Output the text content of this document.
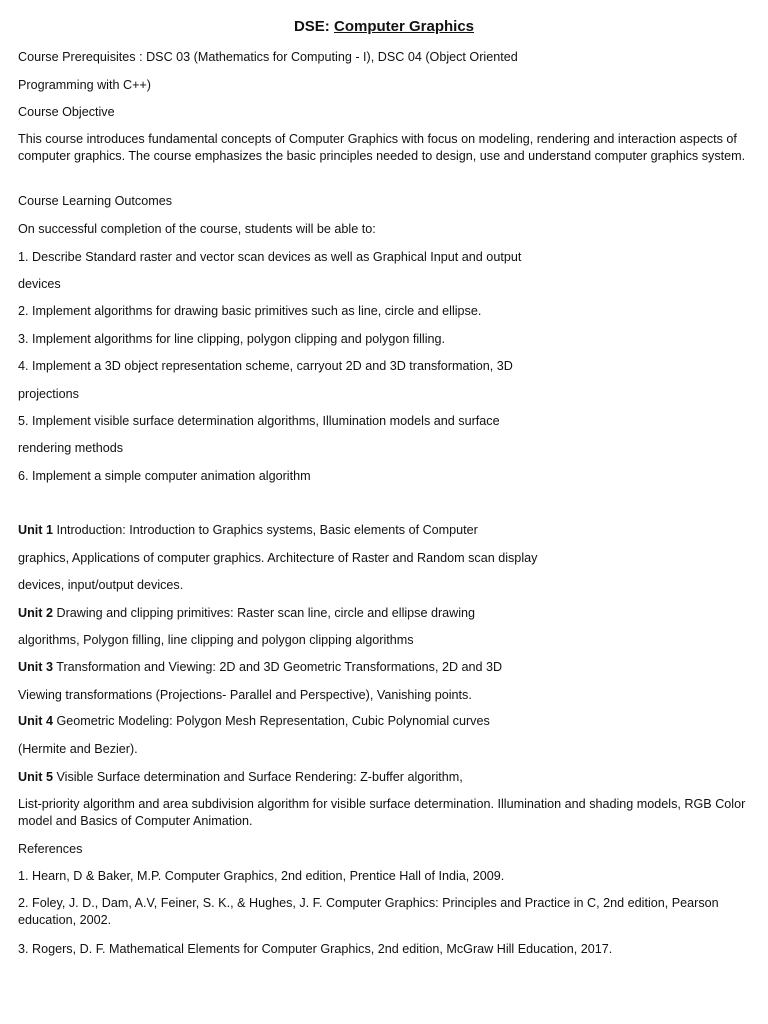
DSE: Computer Graphics
Course Prerequisites : DSC 03 (Mathematics for Computing - I), DSC 04 (Object Oriented
Programming with C++)
Course Objective
This course introduces fundamental concepts of Computer Graphics with focus on modeling, rendering and interaction aspects of computer graphics. The course emphasizes the basic principles needed to design, use and understand computer graphics system.
Course Learning Outcomes
On successful completion of the course, students will be able to:
1. Describe Standard raster and vector scan devices as well as Graphical Input and output
devices
2. Implement algorithms for drawing basic primitives such as line, circle and ellipse.
3. Implement algorithms for line clipping, polygon clipping and polygon filling.
4. Implement a 3D object representation scheme, carryout 2D and 3D transformation, 3D
projections
5. Implement visible surface determination algorithms, Illumination models and surface
rendering methods
6. Implement a simple computer animation algorithm
Unit 1 Introduction: Introduction to Graphics systems, Basic elements of Computer
graphics, Applications of computer graphics. Architecture of Raster and Random scan display
devices, input/output devices.
Unit 2 Drawing and clipping primitives: Raster scan line, circle and ellipse drawing
algorithms, Polygon filling, line clipping and polygon clipping algorithms
Unit 3 Transformation and Viewing: 2D and 3D Geometric Transformations, 2D and 3D
Viewing transformations (Projections- Parallel and Perspective), Vanishing points.
Unit 4 Geometric Modeling: Polygon Mesh Representation, Cubic Polynomial curves
(Hermite and Bezier).
Unit 5 Visible Surface determination and Surface Rendering: Z-buffer algorithm,
List-priority algorithm and area subdivision algorithm for visible surface determination. Illumination and shading models, RGB Color model and Basics of Computer Animation.
References
1. Hearn, D & Baker, M.P. Computer Graphics, 2nd edition, Prentice Hall of India, 2009.
2. Foley, J. D., Dam, A.V, Feiner, S. K., & Hughes, J. F. Computer Graphics: Principles and Practice in C, 2nd edition, Pearson education, 2002.
3. Rogers, D. F. Mathematical Elements for Computer Graphics, 2nd edition, McGraw Hill Education, 2017.
